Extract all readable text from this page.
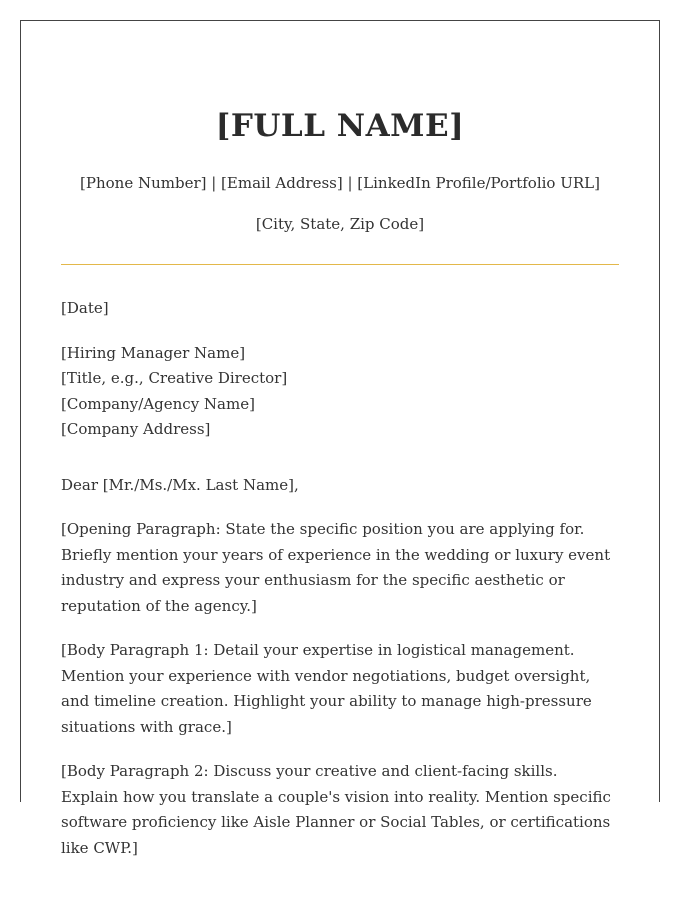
[FULL NAME]
[Phone Number] | [Email Address] | [LinkedIn Profile/Portfolio URL]
[City, State, Zip Code]
[Date]
[Hiring Manager Name]
[Title, e.g., Creative Director]
[Company/Agency Name]
[Company Address]
Dear [Mr./Ms./Mx. Last Name],
[Opening Paragraph: State the specific position you are applying for. Briefly mention your years of experience in the wedding or luxury event industry and express your enthusiasm for the specific aesthetic or reputation of the agency.]
[Body Paragraph 1: Detail your expertise in logistical management. Mention your experience with vendor negotiations, budget oversight, and timeline creation. Highlight your ability to manage high-pressure situations with grace.]
[Body Paragraph 2: Discuss your creative and client-facing skills. Explain how you translate a couple's vision into reality. Mention specific software proficiency like Aisle Planner or Social Tables, or certifications like CWP.]
